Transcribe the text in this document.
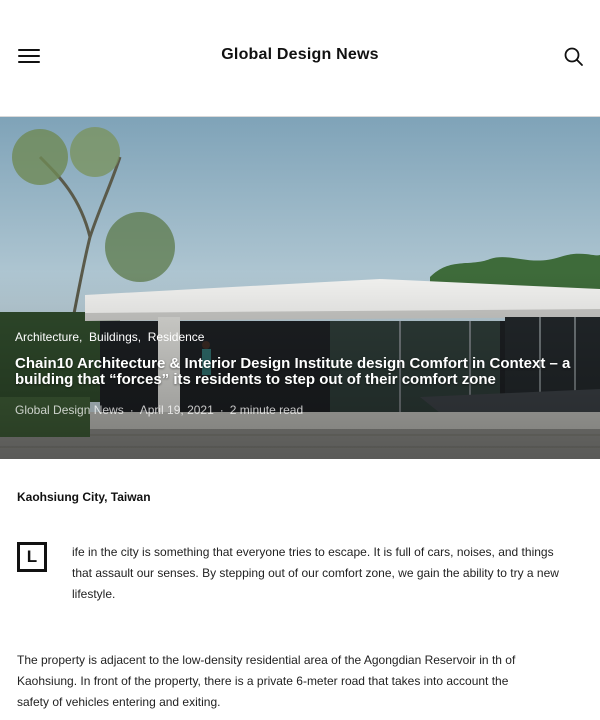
Global Design News
Architecture,  Buildings,  Residence
Chain10 Architecture & Interior Design Institute design Comfort in Context – a building that “forces” its residents to step out of their comfort zone
Global Design News · April 19, 2021 · 2 minute read
Kaohsiung City, Taiwan
L	ife in the city is something that everyone tries to escape. It is full of cars, noises, and things that assault our senses. By stepping out of our comfort zone, we gain the ability to try a new lifestyle.

The property is adjacent to the low-density residential area of the Agongdian Reservoir in th of Kaohsiung. In front of the property, there is a private 6-meter road that takes into account the safety of vehicles entering and exiting.
